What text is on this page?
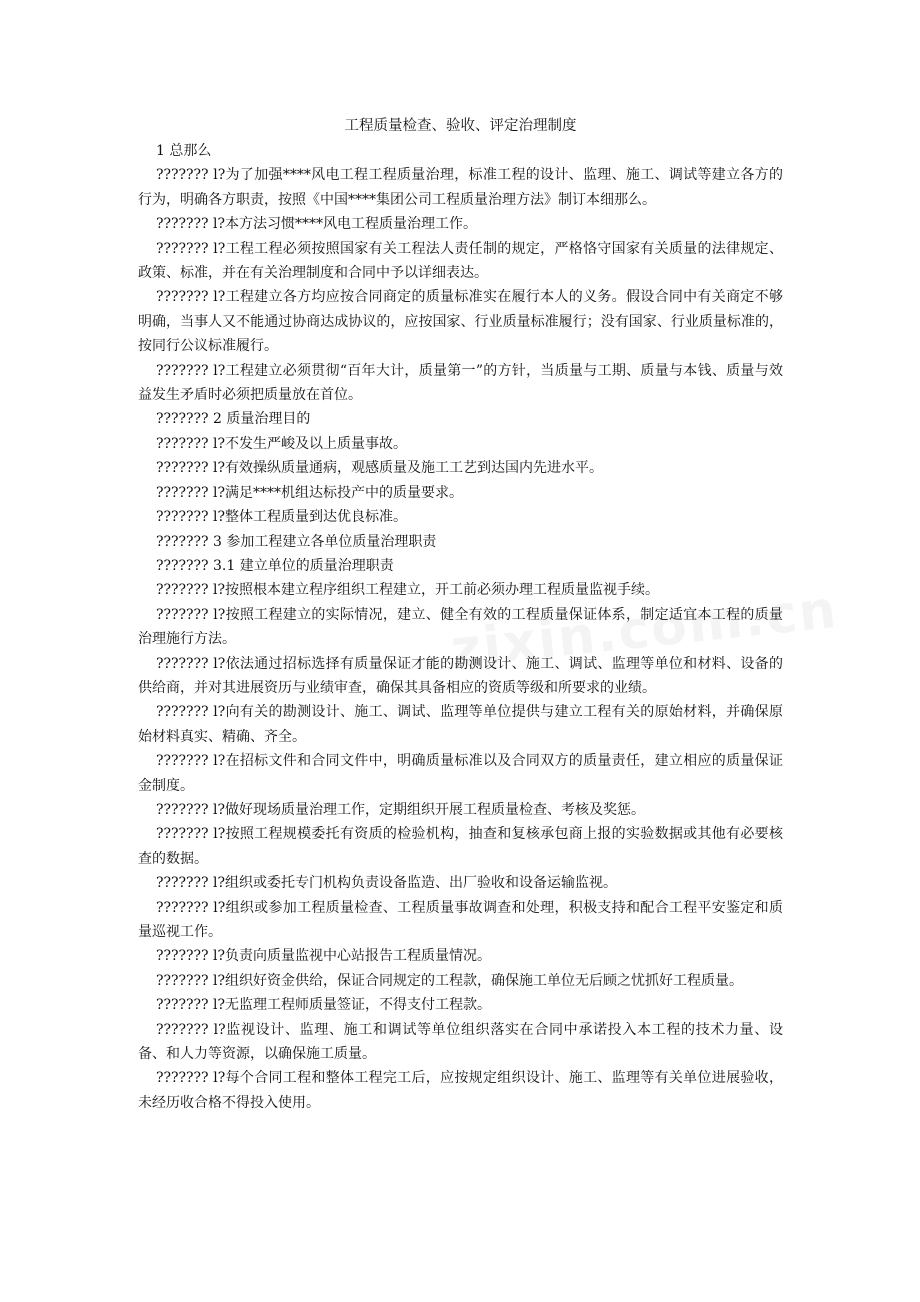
工程质量检查、验收、评定治理制度
1 总那么
??????? l?为了加强****风电工程工程质量治理，标准工程的设计、监理、施工、调试等建立各方的行为，明确各方职责，按照《中国****集团公司工程质量治理方法》制订本细那么。
??????? l?本方法习惯****风电工程质量治理工作。
??????? l?工程工程必须按照国家有关工程法人责任制的规定，严格恪守国家有关质量的法律规定、政策、标准，并在有关治理制度和合同中予以详细表达。
??????? l?工程建立各方均应按合同商定的质量标准实在履行本人的义务。假设合同中有关商定不够明确，当事人又不能通过协商达成协议的，应按国家、行业质量标准履行；没有国家、行业质量标准的，按同行公议标准履行。
??????? l?工程建立必须贯彻“百年大计，质量第一”的方针，当质量与工期、质量与本钱、质量与效益发生矛盾时必须把质量放在首位。
??????? 2 质量治理目的
??????? l?不发生严峻及以上质量事故。
??????? l?有效操纵质量通病，观感质量及施工工艺到达国内先进水平。
??????? l?满足****机组达标投产中的质量要求。
??????? l?整体工程质量到达优良标准。
??????? 3 参加工程建立各单位质量治理职责
??????? 3.1 建立单位的质量治理职责
??????? l?按照根本建立程序组织工程建立，开工前必须办理工程质量监视手续。
??????? l?按照工程建立的实际情况，建立、健全有效的工程质量保证体系，制定适宜本工程的质量治理施行方法。
??????? l?依法通过招标选择有质量保证才能的勘测设计、施工、调试、监理等单位和材料、设备的供给商，并对其进展资历与业绩审查，确保其具备相应的资质等级和所要求的业绩。
??????? l?向有关的勘测设计、施工、调试、监理等单位提供与建立工程有关的原始材料，并确保原始材料真实、精确、齐全。
??????? l?在招标文件和合同文件中，明确质量标准以及合同双方的质量责任，建立相应的质量保证金制度。
??????? l?做好现场质量治理工作，定期组织开展工程质量检查、考核及奖惩。
??????? l?按照工程规模委托有资质的检验机构，抽查和复核承包商上报的实验数据或其他有必要核查的数据。
??????? l?组织或委托专门机构负责设备监造、出厂验收和设备运输监视。
??????? l?组织或参加工程质量检查、工程质量事故调查和处理，积极支持和配合工程平安鉴定和质量巡视工作。
??????? l?负责向质量监视中心站报告工程质量情况。
??????? l?组织好资金供给，保证合同规定的工程款，确保施工单位无后顾之忧抓好工程质量。
??????? l?无监理工程师质量签证，不得支付工程款。
??????? l?监视设计、监理、施工和调试等单位组织落实在合同中承诺投入本工程的技术力量、设备、和人力等资源，以确保施工质量。
??????? l?每个合同工程和整体工程完工后，应按规定组织设计、施工、监理等有关单位进展验收，未经历收合格不得投入使用。
